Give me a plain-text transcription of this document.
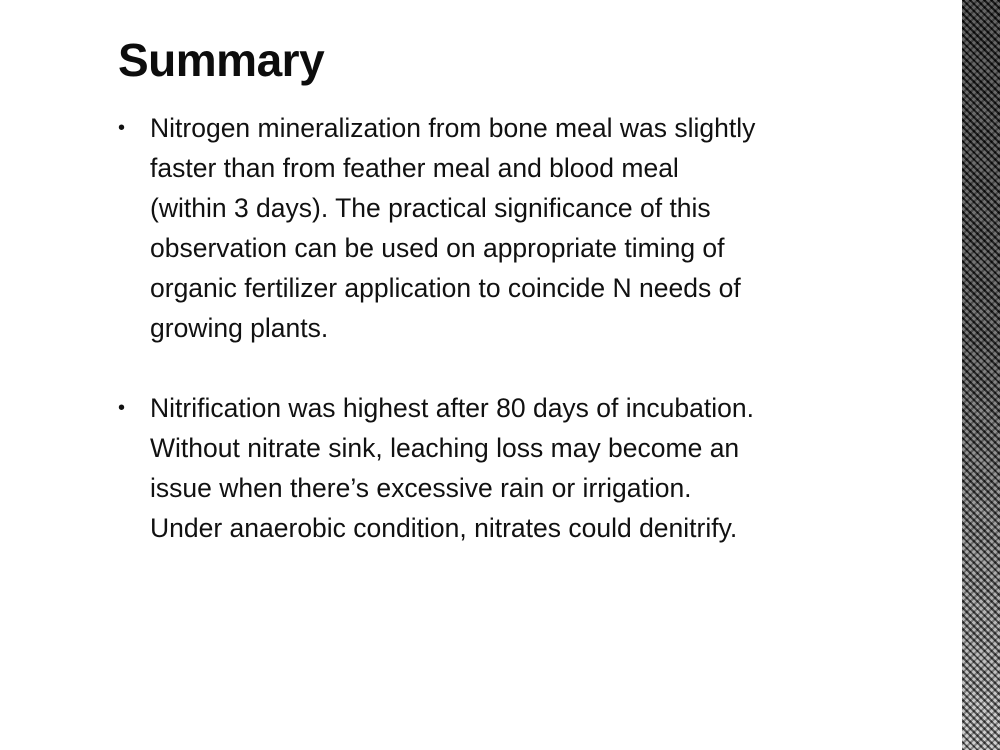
Summary
• Nitrogen mineralization from bone meal was slightly
faster than from feather meal and blood meal
(within 3 days). The practical significance of this
observation can be used on appropriate timing of
organic fertilizer application to coincide N needs of
growing plants.
• Nitrification was highest after 80 days of incubation.
Without nitrate sink, leaching loss may become an
issue when there’s excessive rain or irrigation.
Under anaerobic condition, nitrates could denitrify.
